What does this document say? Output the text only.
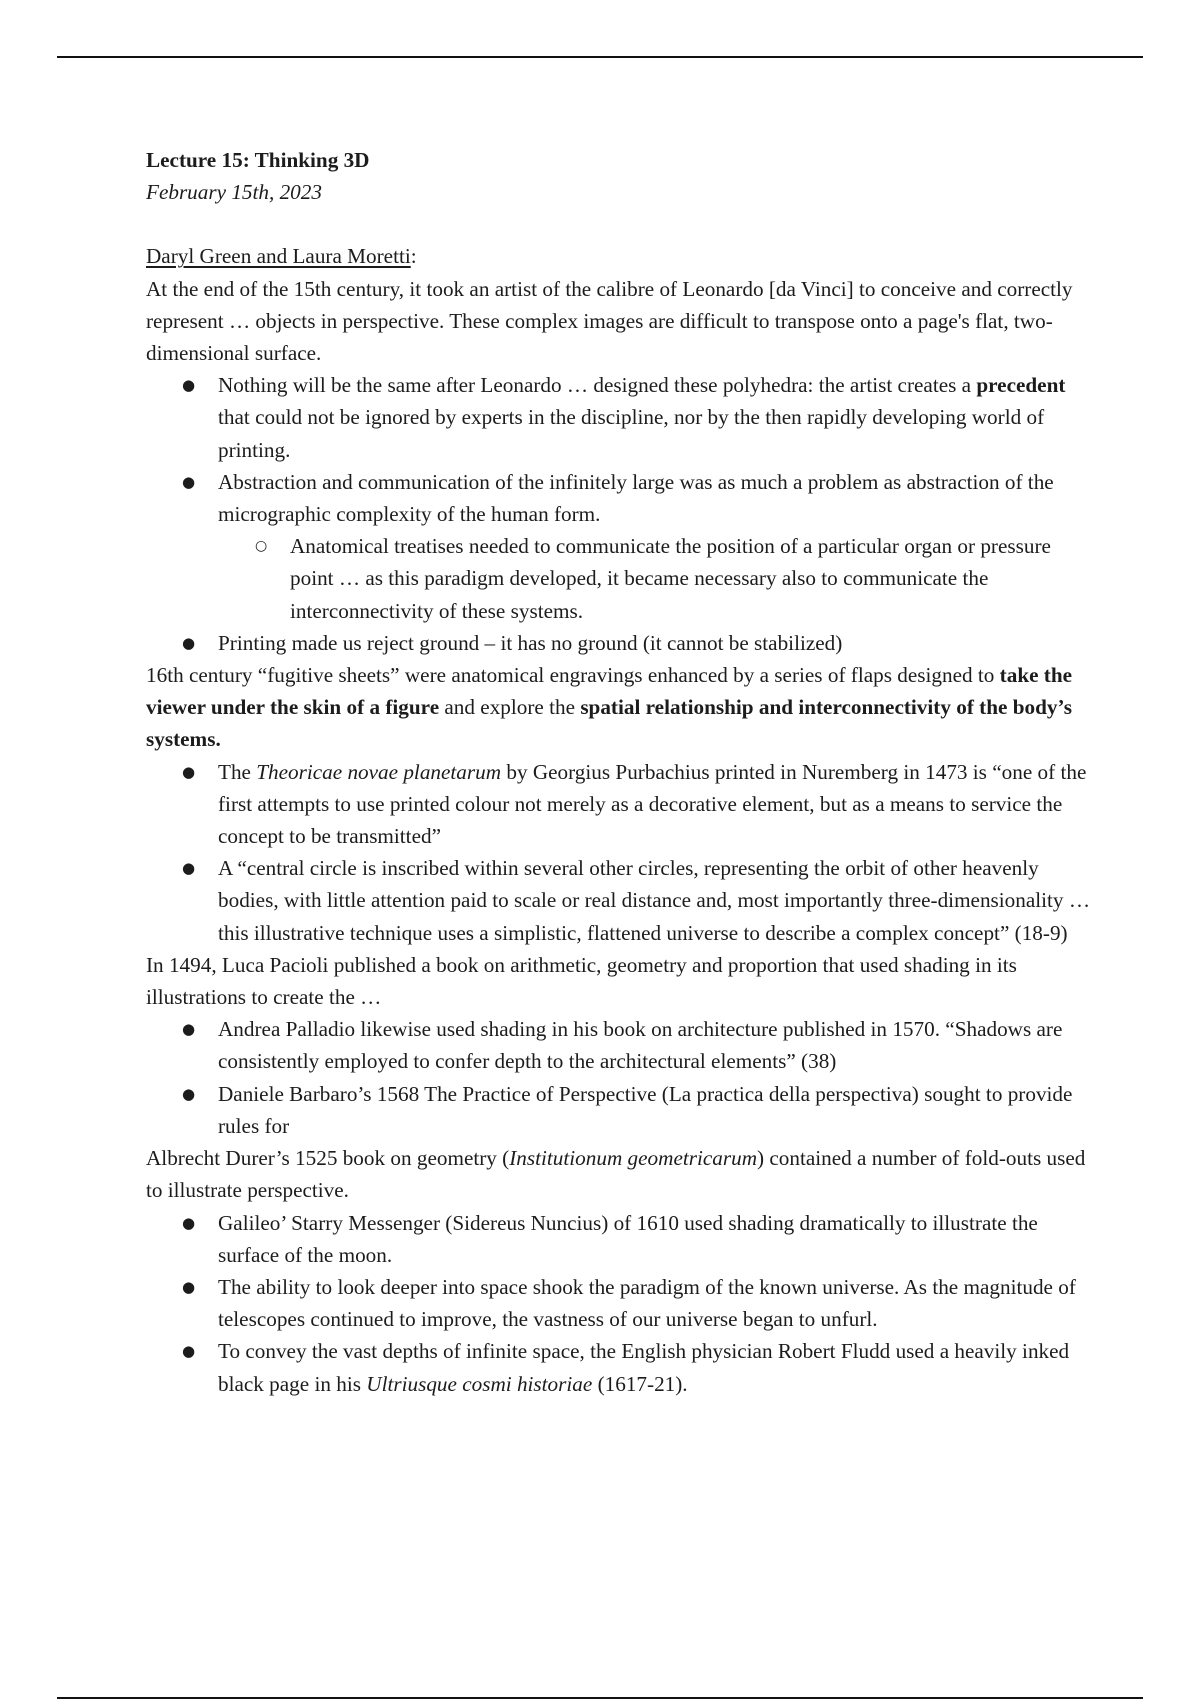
Lecture 15: Thinking 3D

February 15th, 2023

Daryl Green and Laura Moretti:

At the end of the 15th century, it took an artist of the calibre of Leonardo [da Vinci] to conceive and correctly represent … objects in perspective. These complex images are difficult to transpose onto a page's flat, two-dimensional surface.

● Nothing will be the same after Leonardo … designed these polyhedra: the artist creates a precedent that could not be ignored by experts in the discipline, nor by the then rapidly developing world of printing.
● Abstraction and communication of the infinitely large was as much a problem as abstraction of the micrographic complexity of the human form.
○ Anatomical treatises needed to communicate the position of a particular organ or pressure point … as this paradigm developed, it became necessary also to communicate the interconnectivity of these systems.
● Printing made us reject ground – it has no ground (it cannot be stabilized)

16th century “fugitive sheets” were anatomical engravings enhanced by a series of flaps designed to take the viewer under the skin of a figure and explore the spatial relationship and interconnectivity of the body’s systems.

● The Theoricae novae planetarum by Georgius Purbachius printed in Nuremberg in 1473 is “one of the first attempts to use printed colour not merely as a decorative element, but as a means to service the concept to be transmitted”
● A “central circle is inscribed within several other circles, representing the orbit of other heavenly bodies, with little attention paid to scale or real distance and, most importantly three-dimensionality … this illustrative technique uses a simplistic, flattened universe to describe a complex concept” (18-9)

In 1494, Luca Pacioli published a book on arithmetic, geometry and proportion that used shading in its illustrations to create the …

● Andrea Palladio likewise used shading in his book on architecture published in 1570. “Shadows are consistently employed to confer depth to the architectural elements” (38)
● Daniele Barbaro’s 1568 The Practice of Perspective (La practica della perspectiva) sought to provide rules for

Albrecht Durer’s 1525 book on geometry (Institutionum geometricarum) contained a number of fold-outs used to illustrate perspective.

● Galileo’ Starry Messenger (Sidereus Nuncius) of 1610 used shading dramatically to illustrate the surface of the moon.
● The ability to look deeper into space shook the paradigm of the known universe. As the magnitude of telescopes continued to improve, the vastness of our universe began to unfurl.
● To convey the vast depths of infinite space, the English physician Robert Fludd used a heavily inked black page in his Ultriusque cosmi historiae (1617-21).
